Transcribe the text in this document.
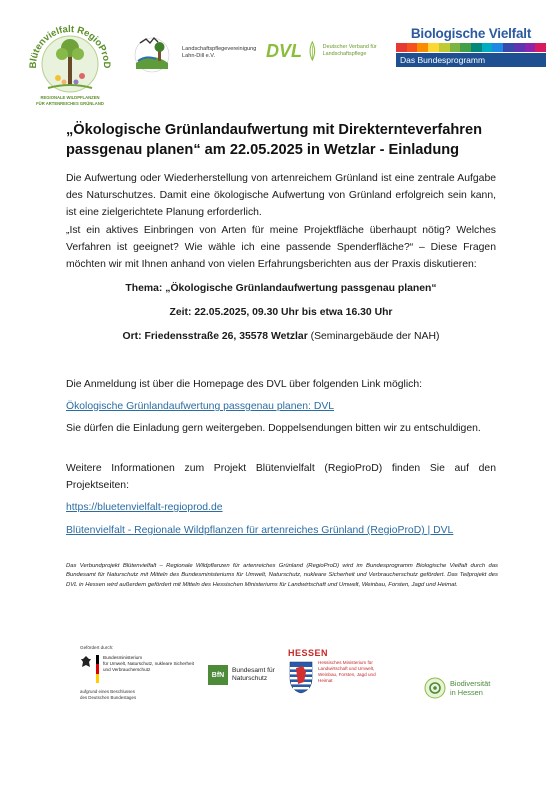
Blütenvielfalt RegioProD
REGIONALE WILDPFLANZEN
FÜR ARTENREICHES GRÜNLAND
Landschaftspflegevereinigung
Lahn-Dill e.V.	DVL	Deutscher Verband für
Landschaftspflege
Biologische Vielfalt
Das Bundesprogramm
„Ökologische Grünlandaufwertung mit Direkternteverfahren passgenau planen“ am 22.05.2025 in Wetzlar - Einladung
Die Aufwertung oder Wiederherstellung von artenreichem Grünland ist eine zentrale Aufgabe des Naturschutzes. Damit eine ökologische Aufwertung von Grünland erfolgreich sein kann, ist eine zielgerichtete Planung erforderlich.
„Ist ein aktives Einbringen von Arten für meine Projektfläche überhaupt nötig? Welches Verfahren ist geeignet? Wie wähle ich eine passende Spenderfläche?“ – Diese Fragen möchten wir mit Ihnen anhand von vielen Erfahrungsberichten aus der Praxis diskutieren:
Thema: „Ökologische Grünlandaufwertung passgenau planen“
Zeit: 22.05.2025, 09.30 Uhr bis etwa 16.30 Uhr
Ort: Friedensstraße 26, 35578 Wetzlar (Seminargebäude der NAH)
Die Anmeldung ist über die Homepage des DVL über folgenden Link möglich:
Ökologische Grünlandaufwertung passgenau planen: DVL
Sie dürfen die Einladung gern weitergeben. Doppelsendungen bitten wir zu entschuldigen.
Weitere Informationen zum Projekt Blütenvielfalt (RegioProD) finden Sie auf den Projektseiten:
https://bluetenvielfalt-regioprod.de
Blütenvielfalt - Regionale Wildpflanzen für artenreiches Grünland (RegioProD) | DVL
Das Verbundprojekt Blütenvielfalt – Regionale Wildpflanzen für artenreiches Grünland (RegioProD) wird im Bundesprogramm Biologische Vielfalt durch das Bundesamt für Naturschutz mit Mitteln des Bundesministeriums für Umwelt, Naturschutz, nukleare Sicherheit und Verbraucherschutz gefördert. Das Teilprojekt des DVL in Hessen wird außerdem gefördert mit Mitteln des Hessischen Ministeriums für Landwirtschaft und Umwelt, Weinbau, Forsten, Jagd und Heimat.
Gefördert durch:
Bundesministerium
für Umwelt, Naturschutz, nukleare Sicherheit
und Verbraucherschutz
aufgrund eines Beschlusses
des Deutschen Bundestages
BfN
Bundesamt für
Naturschutz
HESSEN
Hessisches Ministerium für
Landwirtschaft und Umwelt,
Weinbau, Forsten, Jagd und
Heimat	Biodiversität
in Hessen
